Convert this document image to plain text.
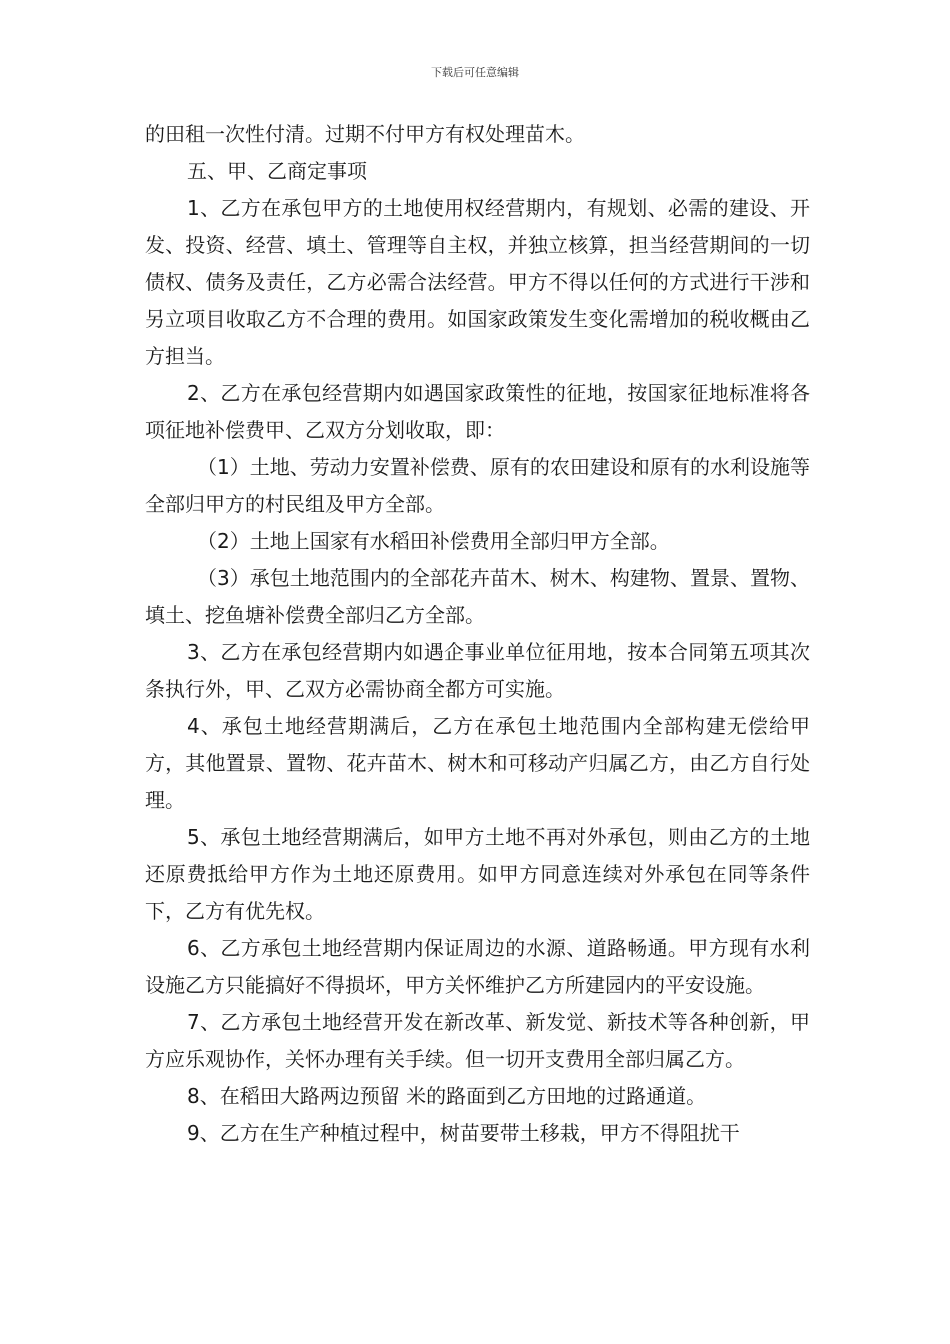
下载后可任意编辑

的田租一次性付清。过期不付甲方有权处理苗木。

五、甲、乙商定事项

1、乙方在承包甲方的土地使用权经营期内，有规划、必需的建设、开发、投资、经营、填土、管理等自主权，并独立核算，担当经营期间的一切债权、债务及责任，乙方必需合法经营。甲方不得以任何的方式进行干涉和另立项目收取乙方不合理的费用。如国家政策发生变化需增加的税收概由乙方担当。

2、乙方在承包经营期内如遇国家政策性的征地，按国家征地标准将各项征地补偿费甲、乙双方分划收取，即：

（1）土地、劳动力安置补偿费、原有的农田建设和原有的水利设施等全部归甲方的村民组及甲方全部。

（2）土地上国家有水稻田补偿费用全部归甲方全部。

（3）承包土地范围内的全部花卉苗木、树木、构建物、置景、置物、填土、挖鱼塘补偿费全部归乙方全部。

3、乙方在承包经营期内如遇企事业单位征用地，按本合同第五项其次条执行外，甲、乙双方必需协商全都方可实施。

4、承包土地经营期满后，乙方在承包土地范围内全部构建无偿给甲方，其他置景、置物、花卉苗木、树木和可移动产归属乙方，由乙方自行处理。

5、承包土地经营期满后，如甲方土地不再对外承包，则由乙方的土地还原费抵给甲方作为土地还原费用。如甲方同意连续对外承包在同等条件下，乙方有优先权。

6、乙方承包土地经营期内保证周边的水源、道路畅通。甲方现有水利设施乙方只能搞好不得损坏，甲方关怀维护乙方所建园内的平安设施。

7、乙方承包土地经营开发在新改革、新发觉、新技术等各种创新，甲方应乐观协作，关怀办理有关手续。但一切开支费用全部归属乙方。

8、在稻田大路两边预留 米的路面到乙方田地的过路通道。

9、乙方在生产种植过程中，树苗要带土移栽，甲方不得阻扰干
